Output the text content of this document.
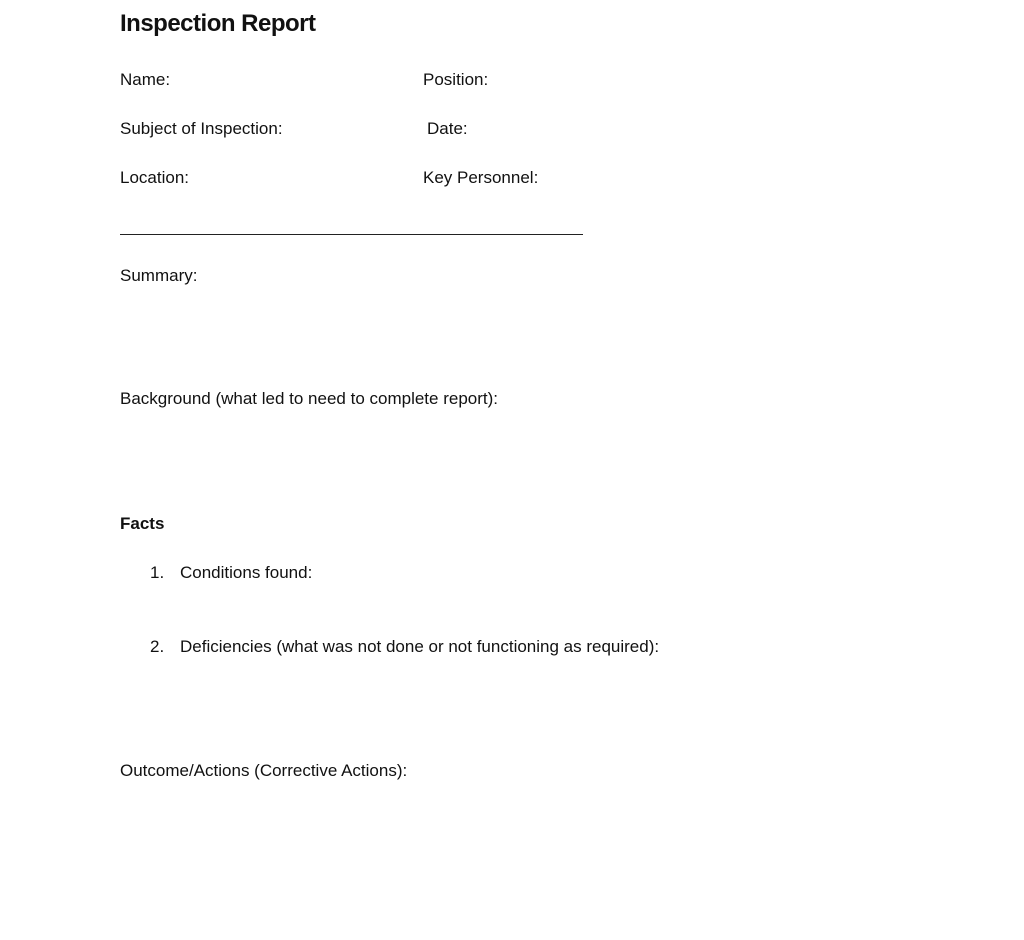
Inspection Report
Name:	Position:
Subject of Inspection:	Date:
Location:	Key Personnel:
Summary:
Background (what led to need to complete report):
Facts
1. Conditions found:
2. Deficiencies (what was not done or not functioning as required):
Outcome/Actions (Corrective Actions):
